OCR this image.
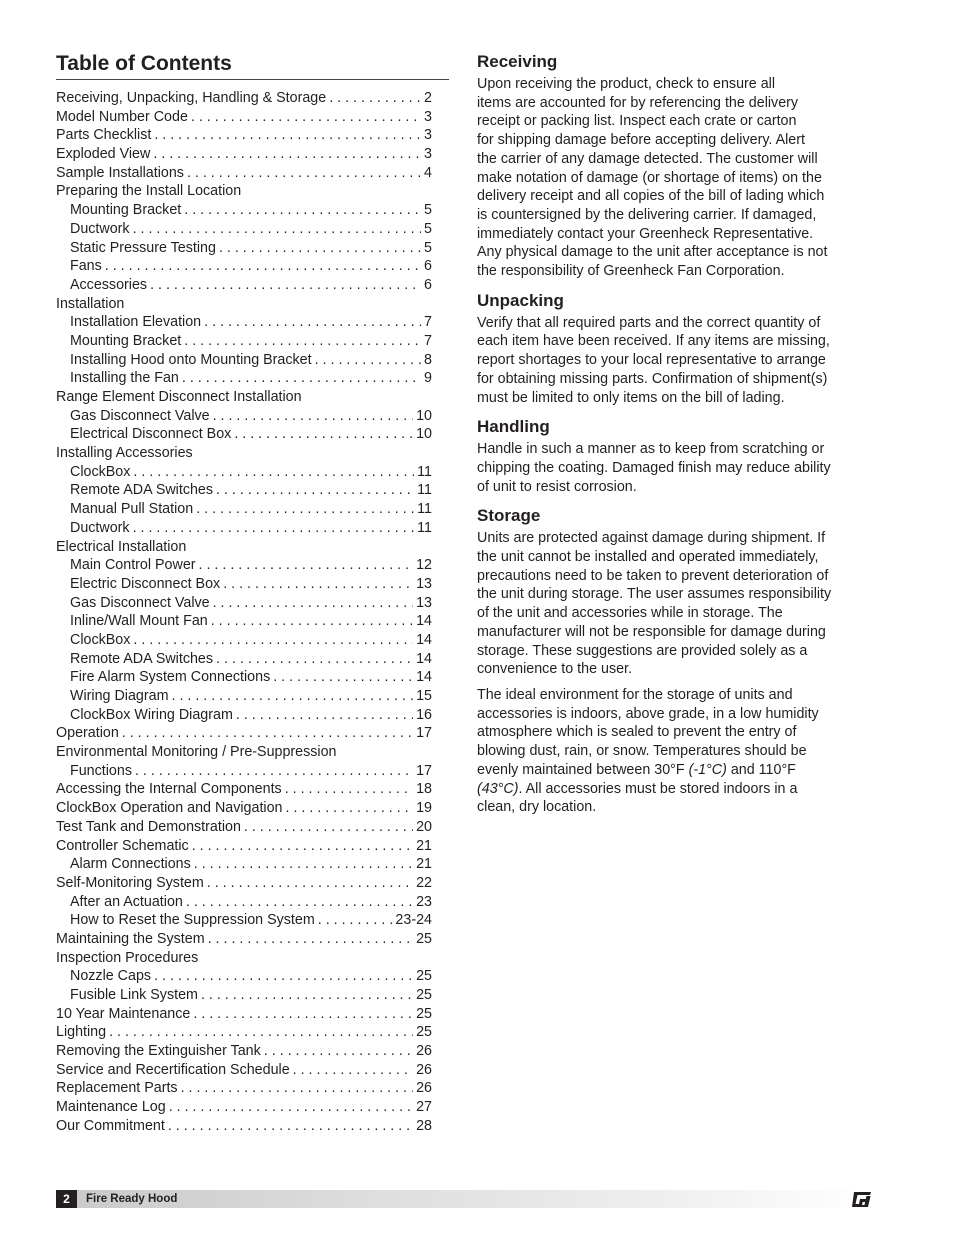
Table of Contents
Receiving, Unpacking, Handling & Storage . . .	2
Model Number Code . . .	3
Parts Checklist . . .	3
Exploded View . . .	3
Sample Installations . . .	4
Preparing the Install Location
Mounting Bracket . . .	5
Ductwork . . .	5
Static Pressure Testing . . .	5
Fans . . .	6
Accessories . . .	6
Installation
Installation Elevation . . .	7
Mounting Bracket . . .	7
Installing Hood onto Mounting Bracket . . .	8
Installing the Fan . . .	9
Range Element Disconnect Installation
Gas Disconnect Valve . . .	10
Electrical Disconnect Box . . .	10
Installing Accessories
ClockBox . . .	11
Remote ADA Switches . . .	11
Manual Pull Station . . .	11
Ductwork . . .	11
Electrical Installation
Main Control Power . . .	12
Electric Disconnect Box . . .	13
Gas Disconnect Valve . . .	13
Inline/Wall Mount Fan . . .	14
ClockBox . . .	14
Remote ADA Switches . . .	14
Fire Alarm System Connections . . .	14
Wiring Diagram . . .	15
ClockBox Wiring Diagram . . .	16
Operation . . .	17
Environmental Monitoring / Pre-Suppression
Functions . . .	17
Accessing the Internal Components . . .	18
ClockBox Operation and Navigation . . .	19
Test Tank and Demonstration . . .	20
Controller Schematic . . .	21
Alarm Connections . . .	21
Self-Monitoring System . . .	22
After an Actuation . . .	23
How to Reset the Suppression System . . .	23-24
Maintaining the System . . .	25
Inspection Procedures
Nozzle Caps . . .	25
Fusible Link System . . .	25
10 Year Maintenance . . .	25
Lighting . . .	25
Removing the Extinguisher Tank . . .	26
Service and Recertification Schedule . . .	26
Replacement Parts . . .	26
Maintenance Log . . .	27
Our Commitment . . .	28
Receiving
Upon receiving the product, check to ensure all
items are accounted for by referencing the delivery
receipt or packing list. Inspect each crate or carton
for shipping damage before accepting delivery. Alert
the carrier of any damage detected. The customer will
make notation of damage (or shortage of items) on the
delivery receipt and all copies of the bill of lading which
is countersigned by the delivering carrier. If damaged,
immediately contact your Greenheck Representative.
Any physical damage to the unit after acceptance is not
the responsibility of Greenheck Fan Corporation.
Unpacking
Verify that all required parts and the correct quantity of
each item have been received. If any items are missing,
report shortages to your local representative to arrange
for obtaining missing parts. Confirmation of shipment(s)
must be limited to only items on the bill of lading.
Handling
Handle in such a manner as to keep from scratching or
chipping the coating. Damaged finish may reduce ability
of unit to resist corrosion.
Storage
Units are protected against damage during shipment. If
the unit cannot be installed and operated immediately,
precautions need to be taken to prevent deterioration of
the unit during storage. The user assumes responsibility
of the unit and accessories while in storage. The
manufacturer will not be responsible for damage during
storage. These suggestions are provided solely as a
convenience to the user.
The ideal environment for the storage of units and
accessories is indoors, above grade, in a low humidity
atmosphere which is sealed to prevent the entry of
blowing dust, rain, or snow. Temperatures should be
evenly maintained between 30°F (-1°C) and 110°F
(43°C). All accessories must be stored indoors in a
clean, dry location.
2	Fire Ready Hood
